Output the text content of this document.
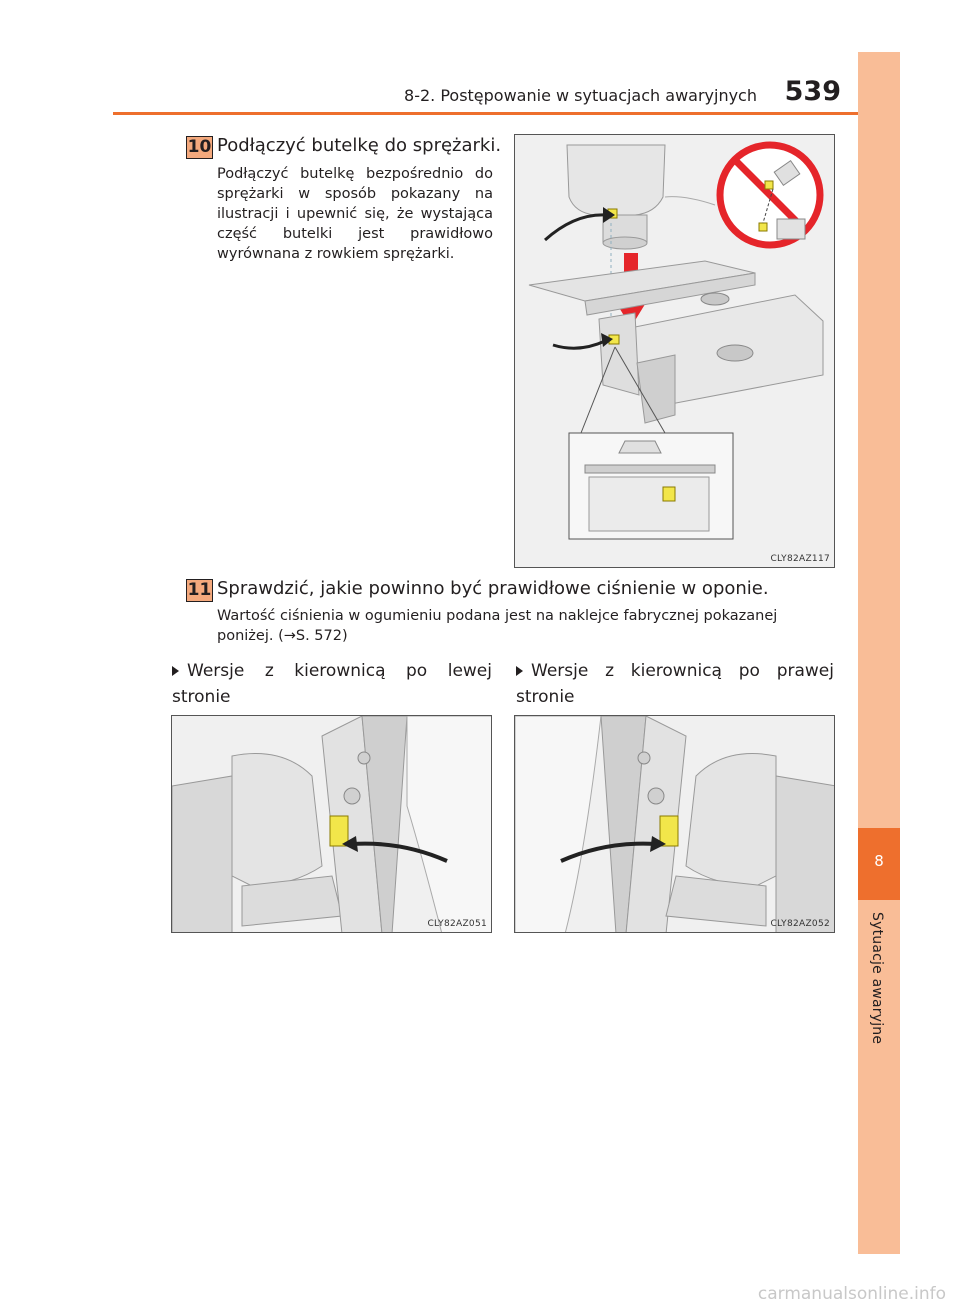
8
Sytuacje awaryjne
8-2. Postępowanie w sytuacjach awaryjnych 539
10 Podłączyć butelkę do sprężarki.
Podłączyć butelkę bezpośrednio do sprężarki w sposób pokazany na ilustracji i upewnić się, że wystająca część butelki jest prawidłowo wyrównana z rowkiem sprężarki.
CLY82AZ117
11 Sprawdzić, jakie powinno być prawidłowe ciśnienie w oponie.
Wartość ciśnienia w ogumieniu podana jest na naklejce fabrycznej pokazanej poniżej. (→S. 572)
Wersje z kierownicą po lewej stronie
Wersje z kierownicą po prawej stronie
CLY82AZ051	CLY82AZ052
carmanualsonline.info
